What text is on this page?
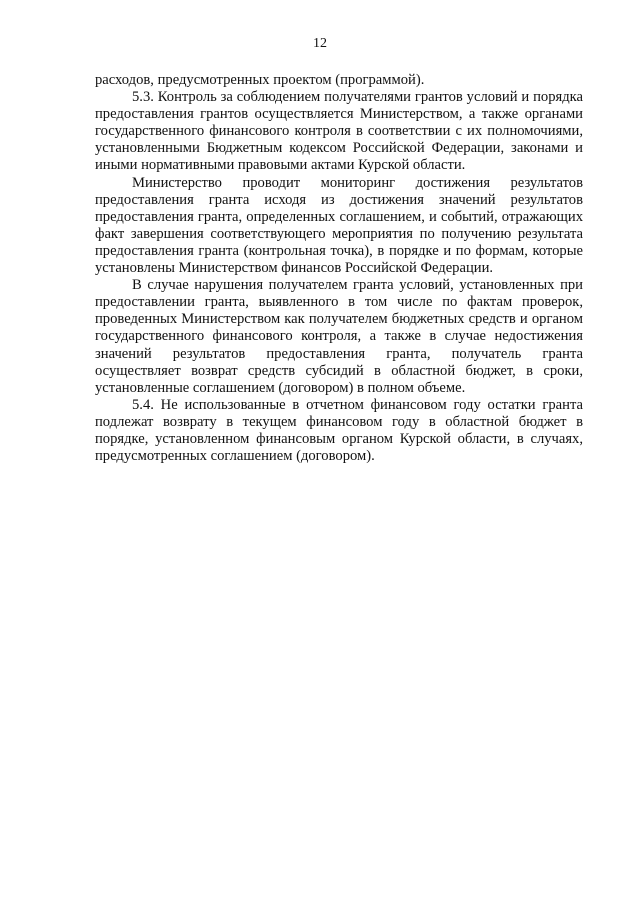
12

расходов, предусмотренных проектом (программой).

5.3. Контроль за соблюдением получателями грантов условий и порядка предоставления грантов осуществляется Министерством, а также органами государственного финансового контроля в соответствии с их полномочиями, установленными Бюджетным кодексом Российской Федерации, законами и иными нормативными правовыми актами Курской области.

Министерство проводит мониторинг достижения результатов предоставления гранта исходя из достижения значений результатов предоставления гранта, определенных соглашением, и событий, отражающих факт завершения соответствующего мероприятия по получению результата предоставления гранта (контрольная точка), в порядке и по формам, которые установлены Министерством финансов Российской Федерации.

В случае нарушения получателем гранта условий, установленных при предоставлении гранта, выявленного в том числе по фактам проверок, проведенных Министерством как получателем бюджетных средств и органом государственного финансового контроля, а также в случае недостижения значений результатов предоставления гранта, получатель гранта осуществляет возврат средств субсидий в областной бюджет, в сроки, установленные соглашением (договором) в полном объеме.

5.4. Не использованные в отчетном финансовом году остатки гранта подлежат возврату в текущем финансовом году в областной бюджет в порядке, установленном финансовым органом Курской области, в случаях, предусмотренных соглашением (договором).
